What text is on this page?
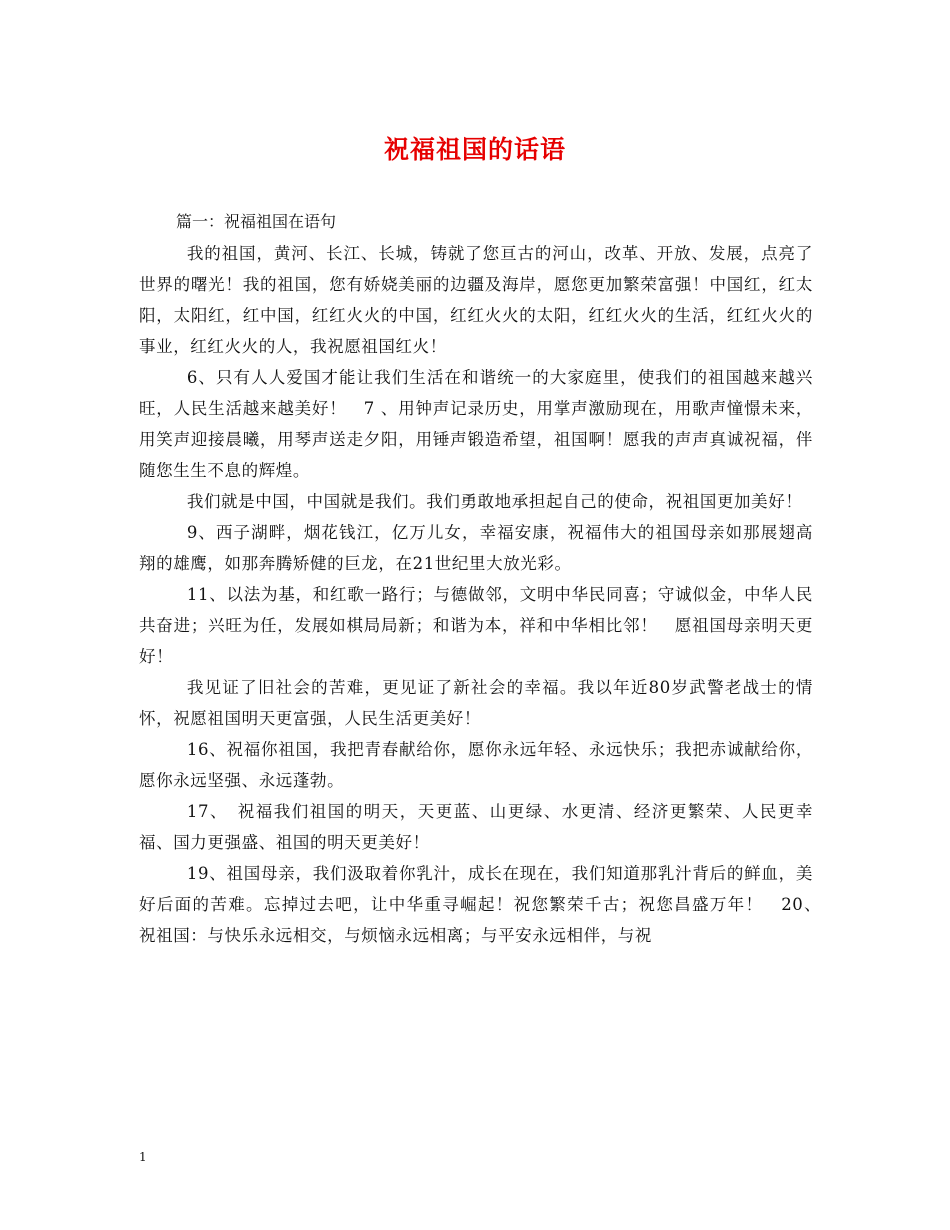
祝福祖国的话语
篇一：祝福祖国在语句

我的祖国，黄河、长江、长城，铸就了您亘古的河山，改革、开放、发展，点亮了世界的曙光！我的祖国，您有娇娆美丽的边疆及海岸，愿您更加繁荣富强！中国红，红太阳，太阳红，红中国，红红火火的中国，红红火火的太阳，红红火火的生活，红红火火的事业，红红火火的人，我祝愿祖国红火！

6、只有人人爱国才能让我们生活在和谐统一的大家庭里，使我们的祖国越来越兴旺，人民生活越来越美好！　7 、用钟声记录历史，用掌声激励现在，用歌声憧憬未来，用笑声迎接晨曦，用琴声送走夕阳，用锤声锻造希望，祖国啊！愿我的声声真诚祝福，伴随您生生不息的辉煌。

我们就是中国，中国就是我们。我们勇敢地承担起自己的使命，祝祖国更加美好！

9、西子湖畔，烟花钱江，亿万儿女，幸福安康，祝福伟大的祖国母亲如那展翅高翔的雄鹰，如那奔腾矫健的巨龙，在21世纪里大放光彩。

11、以法为基，和红歌一路行；与德做邻，文明中华民同喜；守诚似金，中华人民共奋进；兴旺为任，发展如棋局局新；和谐为本，祥和中华相比邻！　愿祖国母亲明天更好！

我见证了旧社会的苦难，更见证了新社会的幸福。我以年近80岁武警老战士的情怀，祝愿祖国明天更富强，人民生活更美好！

16、祝福你祖国，我把青春献给你，愿你永远年轻、永远快乐；我把赤诚献给你，愿你永远坚强、永远蓬勃。

17、　祝福我们祖国的明天，天更蓝、山更绿、水更清、经济更繁荣、人民更幸福、国力更强盛、祖国的明天更美好！

19、祖国母亲，我们汲取着你乳汁，成长在现在，我们知道那乳汁背后的鲜血，美好后面的苦难。忘掉过去吧，让中华重寻崛起！祝您繁荣千古；祝您昌盛万年！　20、　祝祖国：与快乐永远相交，与烦恼永远相离；与平安永远相伴，与祝

1
